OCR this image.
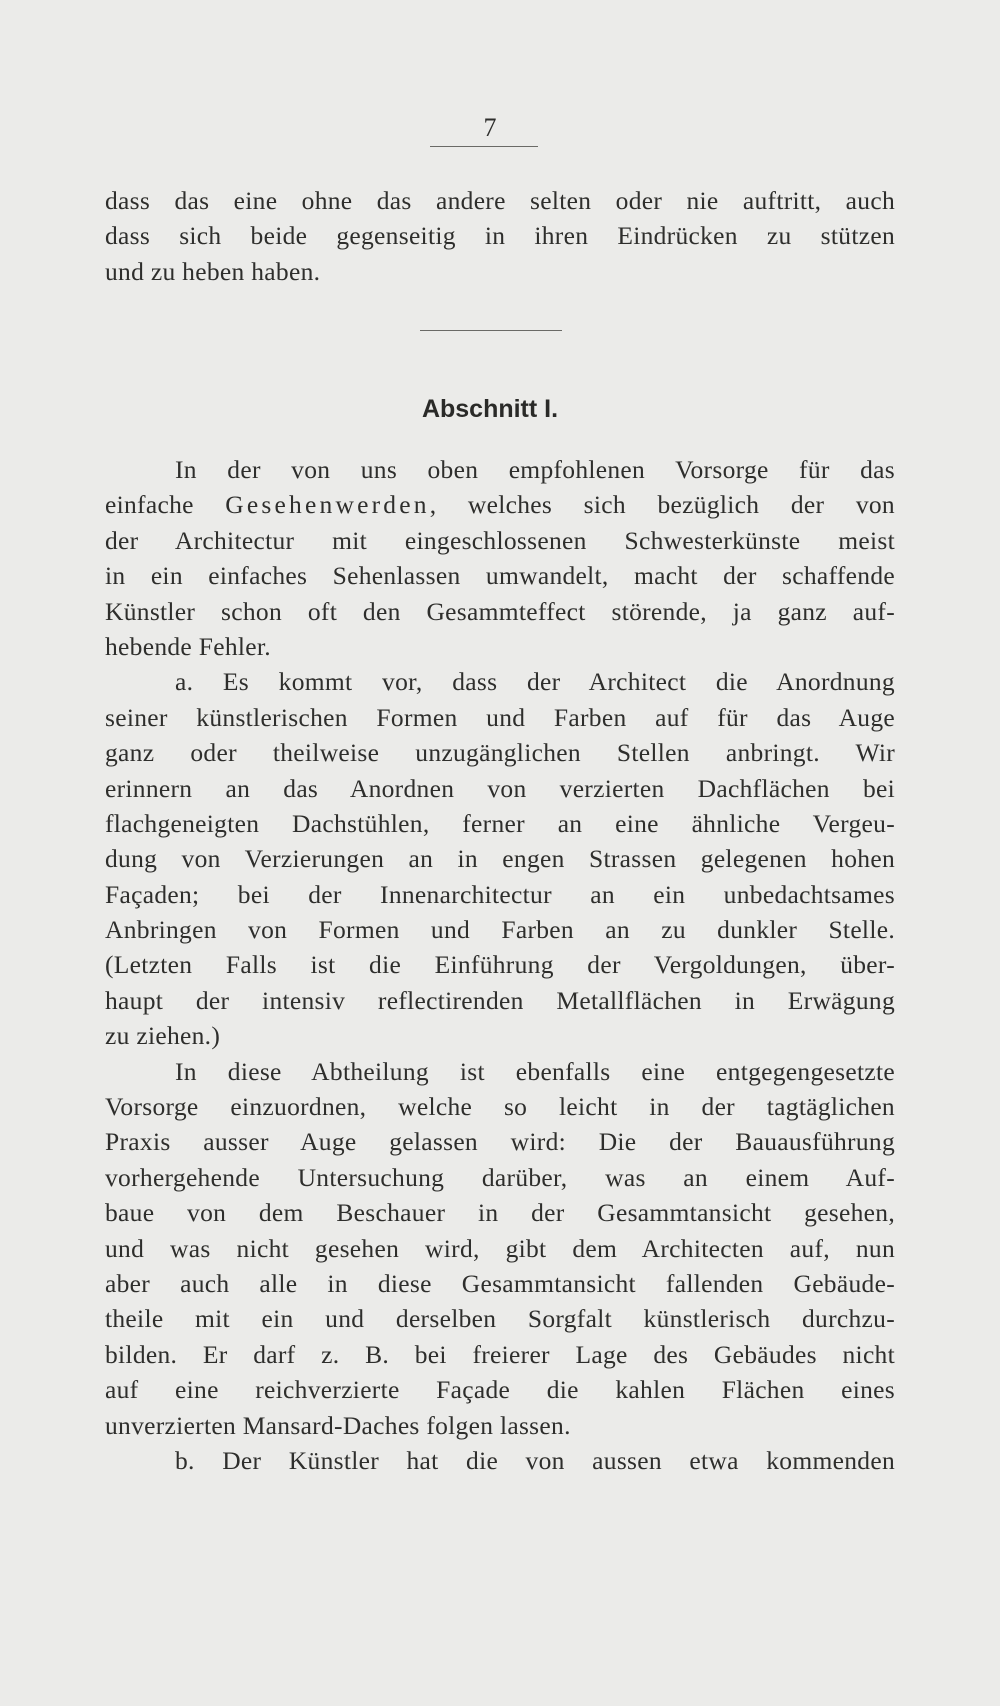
7
dass das eine ohne das andere selten oder nie auftritt, auch
dass sich beide gegenseitig in ihren Eindrücken zu stützen
und zu heben haben.
Abschnitt I.
In der von uns oben empfohlenen Vorsorge für das
einfache Gesehenwerden, welches sich bezüglich der von
der Architectur mit eingeschlossenen Schwesterkünste meist
in ein einfaches Sehenlassen umwandelt, macht der schaffende
Künstler schon oft den Gesammteffect störende, ja ganz auf-
hebende Fehler.
a. Es kommt vor, dass der Architect die Anordnung
seiner künstlerischen Formen und Farben auf für das Auge
ganz oder theilweise unzugänglichen Stellen anbringt. Wir
erinnern an das Anordnen von verzierten Dachflächen bei
flachgeneigten Dachstühlen, ferner an eine ähnliche Vergeu-
dung von Verzierungen an in engen Strassen gelegenen hohen
Façaden; bei der Innenarchitectur an ein unbedachtsames
Anbringen von Formen und Farben an zu dunkler Stelle.
(Letzten Falls ist die Einführung der Vergoldungen, über-
haupt der intensiv reflectirenden Metallflächen in Erwägung
zu ziehen.)
In diese Abtheilung ist ebenfalls eine entgegengesetzte
Vorsorge einzuordnen, welche so leicht in der tagtäglichen
Praxis ausser Auge gelassen wird: Die der Bauausführung
vorhergehende Untersuchung darüber, was an einem Auf-
baue von dem Beschauer in der Gesammtansicht gesehen,
und was nicht gesehen wird, gibt dem Architecten auf, nun
aber auch alle in diese Gesammtansicht fallenden Gebäude-
theile mit ein und derselben Sorgfalt künstlerisch durchzu-
bilden. Er darf z. B. bei freierer Lage des Gebäudes nicht
auf eine reichverzierte Façade die kahlen Flächen eines
unverzierten Mansard-Daches folgen lassen.
b. Der Künstler hat die von aussen etwa kommenden
